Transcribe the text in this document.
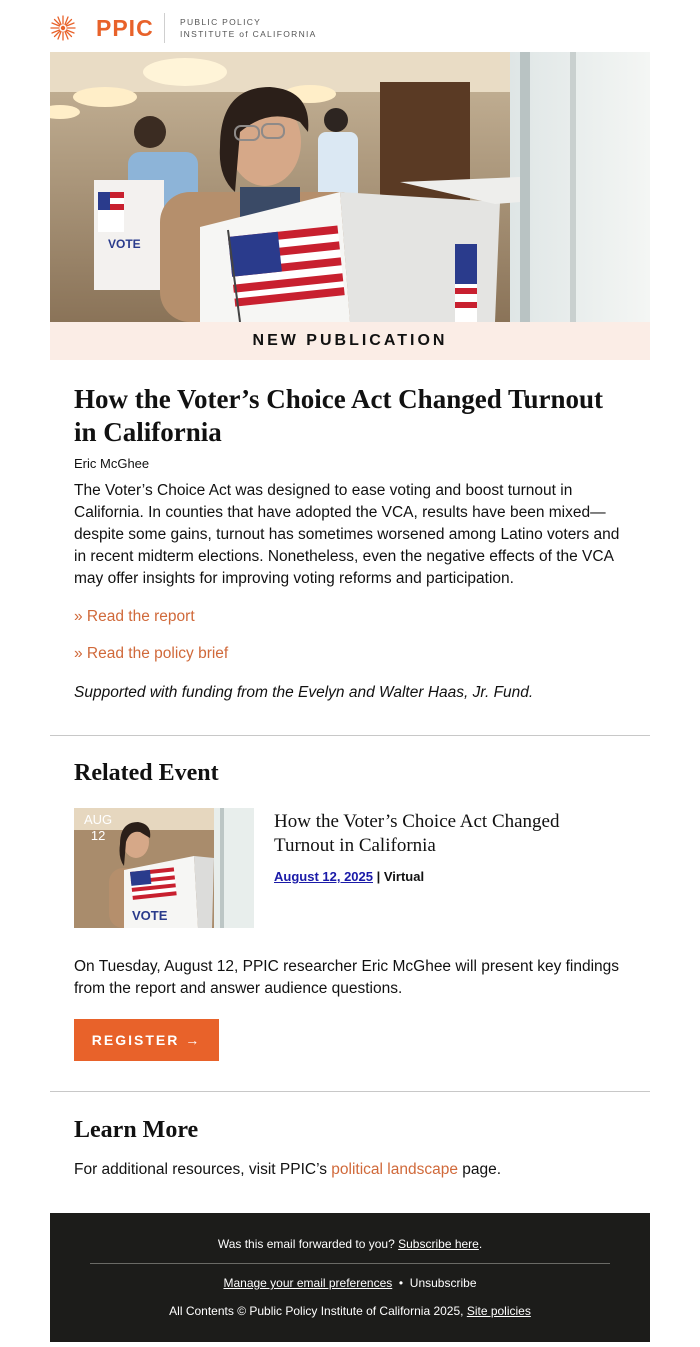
PPIC	PUBLIC POLICY
INSTITUTE of CALIFORNIA
VOTE
NEW PUBLICATION
How the Voter’s Choice Act Changed Turnout in California
Eric McGhee

The Voter’s Choice Act was designed to ease voting and boost turnout in California. In counties that have adopted the VCA, results have been mixed—despite some gains, turnout has sometimes worsened among Latino voters and in recent midterm elections. Nonetheless, even the negative effects of the VCA may offer insights for improving voting reforms and participation.

» Read the report
» Read the policy brief
Supported with funding from the Evelyn and Walter Haas, Jr. Fund.
Related Event
VOTE
AUG
12
How the Voter’s Choice Act Changed Turnout in California
August 12, 2025 | Virtual

On Tuesday, August 12, PPIC researcher Eric McGhee will present key findings from the report and answer audience questions.

REGISTER →
Learn More

For additional resources, visit PPIC’s political landscape page.

Was this email forwarded to you? Subscribe here.
Manage your email preferences  •  Unsubscribe
All Contents © Public Policy Institute of California 2025, Site policies
